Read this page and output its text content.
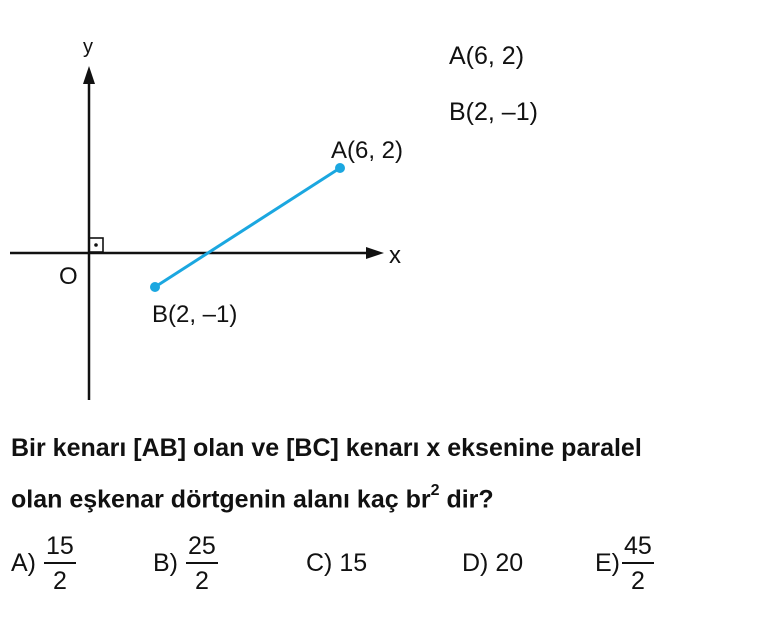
y
x
O
A(6, 2)
B(2, –1)
A(6, 2)
B(2, –1)
Bir kenarı [AB] olan ve [BC] kenarı x eksenine paralel
olan eşkenar dörtgenin alanı kaç $br^2$ dir?
$A) \frac{15}{2}$	$B) \frac{25}{2}$	C)
15	D)
20	$E) \frac{45}{2}$
